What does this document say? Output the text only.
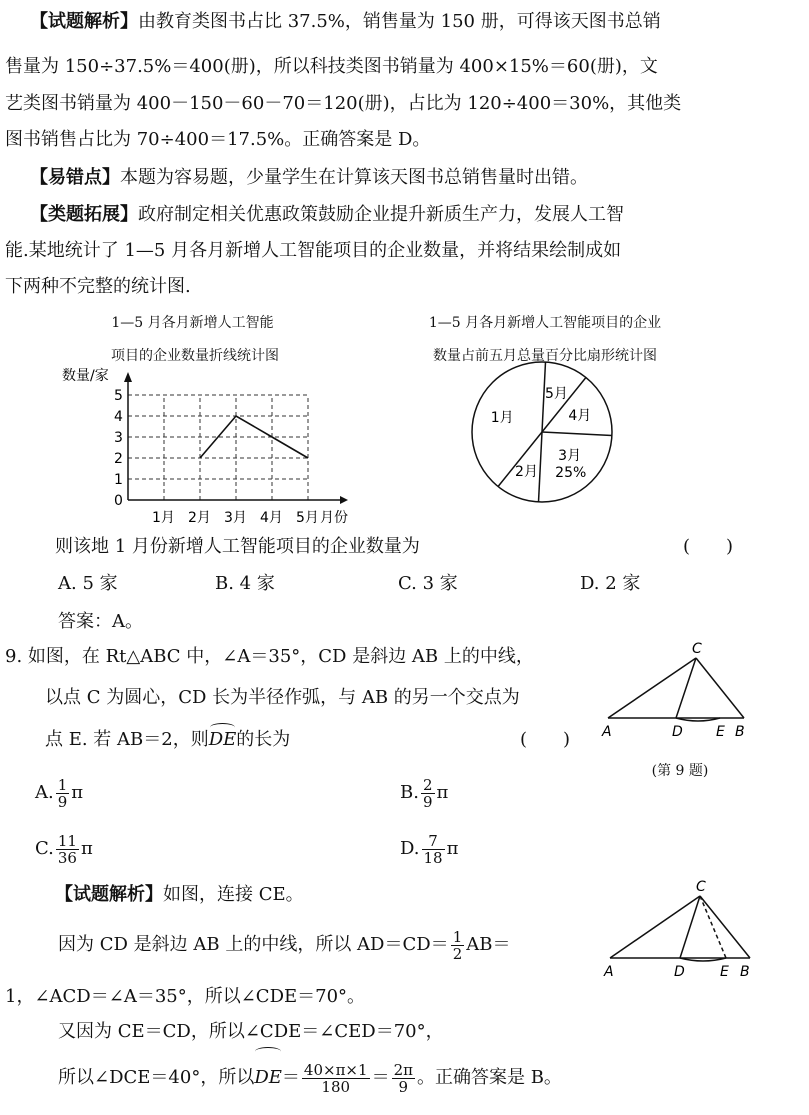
【试题解析】由教育类图书占比 37.5%，销售量为 150 册，可得该天图书总销
售量为 150÷37.5%＝400(册)，所以科技类图书销量为 400×15%＝60(册)，文
艺类图书销量为 400－150－60－70＝120(册)，占比为 120÷400＝30%，其他类
图书销售占比为 70÷400＝17.5%。正确答案是 D。
【易错点】本题为容易题，少量学生在计算该天图书总销售量时出错。
【类题拓展】政府制定相关优惠政策鼓励企业提升新质生产力，发展人工智
能.某地统计了 1—5 月各月新增人工智能项目的企业数量，并将结果绘制成如
下两种不完整的统计图.
1—5 月各月新增人工智能
项目的企业数量折线统计图
1—5 月各月新增人工智能项目的企业
数量占前五月总量百分比扇形统计图
数量/家
0
1
2
3
4
5
1月 2月 3月 4月 5月 月份
5月
4月
3月
25%
2月
1月
则该地 1 月份新增人工智能项目的企业数量为	(　　)
A. 5 家	B. 4 家	C. 3 家	D. 2 家
答案：A。
9. 如图，在 Rt△ABC 中，∠A＝35°，CD 是斜边 AB 上的中线，
以点 C 为圆心，CD 长为半径作弧，与 AB 的另一个交点为
点 E. 若 AB＝2，则DE的长为	(　　)
C
A	D E B
(第 9 题)
A. $\frac{1}{9}$ π	B. $\frac{2}{9}$ π
C. $\frac{11}{36}$ π	D. $\frac{7}{18}$ π
【试题解析】如图，连接 CE。
因为 CD 是斜边 AB 上的中线，所以 $AD=CD= \frac{1}{2} AB=$
C
A	D	E B
1，∠ACD＝∠A＝35°，所以∠CDE＝70°。
又因为 CE＝CD，所以∠CDE＝∠CED＝70°，
所以∠DCE＝40°，所以$DE= \frac{40\times\pi\times 1}{180} = \frac{2\pi}{9}$ 。正确答案是 B。
